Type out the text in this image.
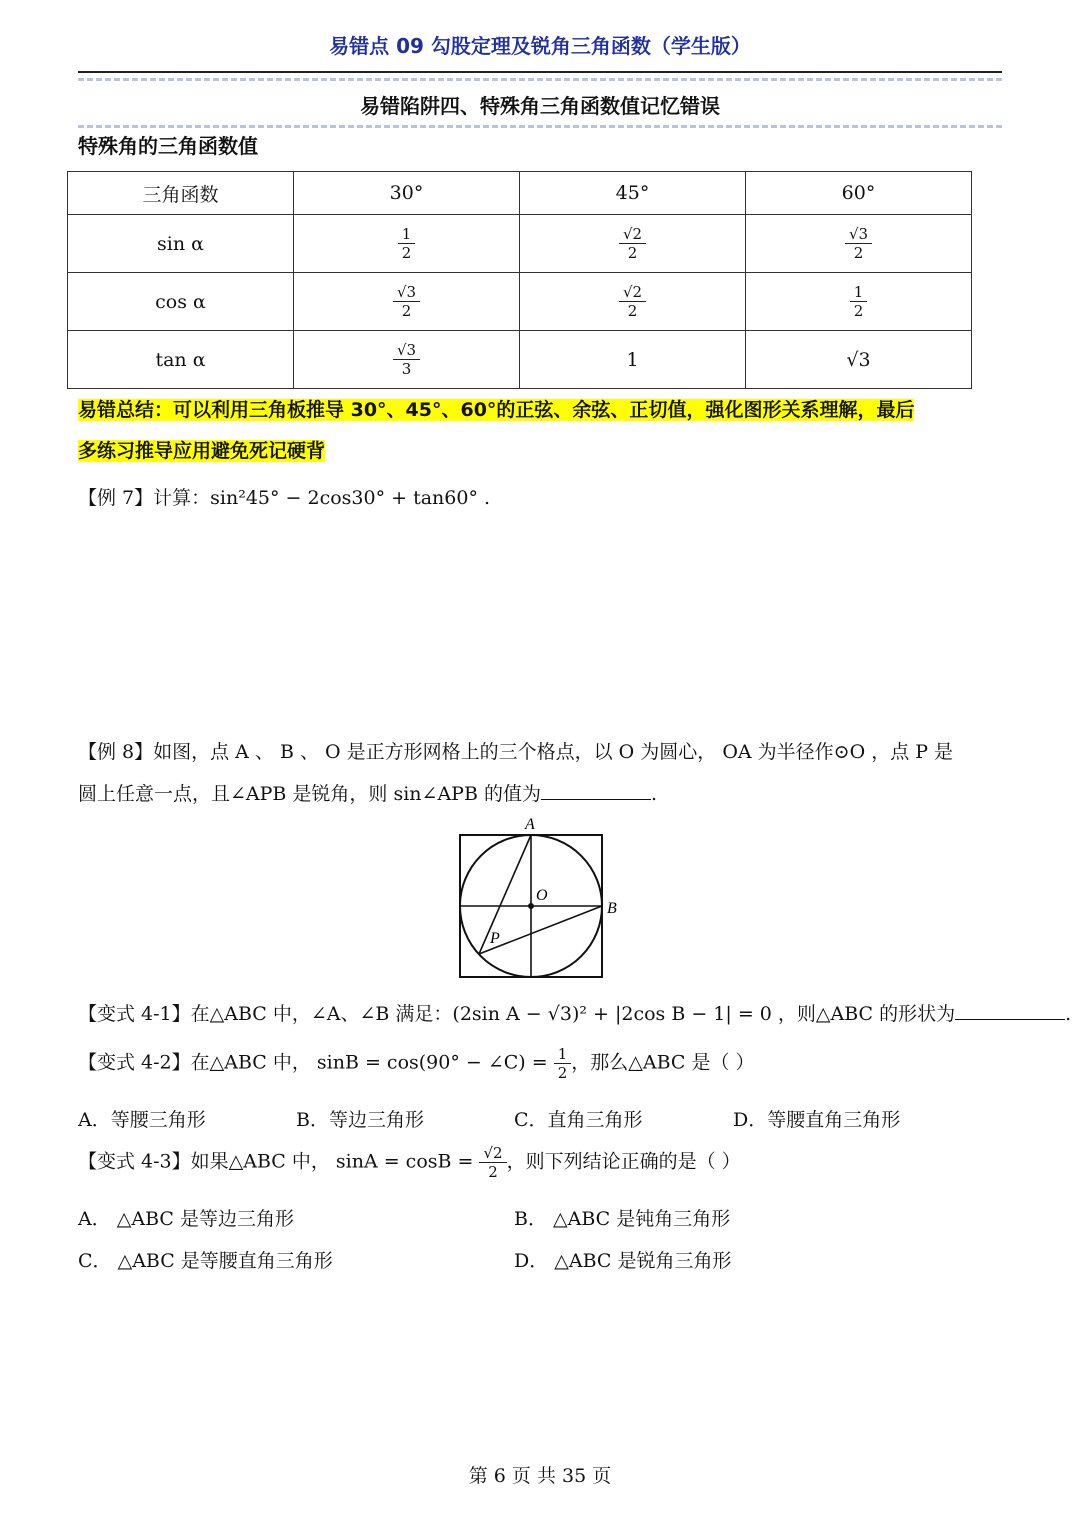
易错点 09 勾股定理及锐角三角函数（学生版）
易错陷阱四、特殊角三角函数值记忆错误
特殊角的三角函数值
三角函数	30°	45°	60°
sin α	$\frac{1}{2}$	$\frac{√2}{2}$	$\frac{√3}{2}$

cos α	$\frac{√3}{2}$	$\frac{√2}{2}$	$\frac{1}{2}$

tan α	$\frac{√3}{3}$	1	√3
易错总结：可以利用三角板推导 30°、45°、60°的正弦、余弦、正切值，强化图形关系理解，最后
多练习推导应用避免死记硬背
【例 7】计算：sin²45° − 2cos30° + tan60° .
【例 8】如图，点 A 、 B 、 O 是正方形网格上的三个格点，以 O 为圆心， OA 为半径作⊙O ，点 P 是
圆上任意一点，且∠APB 是锐角，则 sin∠APB 的值为	.
A
B
O
P
【变式 4-1】在△ABC 中，∠A、∠B 满足：(2sin A − √3)² + |2cos B − 1| = 0 ，则△ABC 的形状为	.
【变式 4-2】在△ABC 中， sinB = cos(90° − ∠C) = $\frac{1}{2}$ ，那么△ABC 是（ ）
A．等腰三角形	B．等边三角形	C．直角三角形	D．等腰直角三角形
【变式 4-3】如果△ABC 中， $\sin A = \cos B = \frac{√2}{2}$ ，则下列结论正确的是（ ）
A． △ABC 是等边三角形	B． △ABC 是钝角三角形
C． △ABC 是等腰直角三角形	D． △ABC 是锐角三角形
第 6 页 共 35 页
